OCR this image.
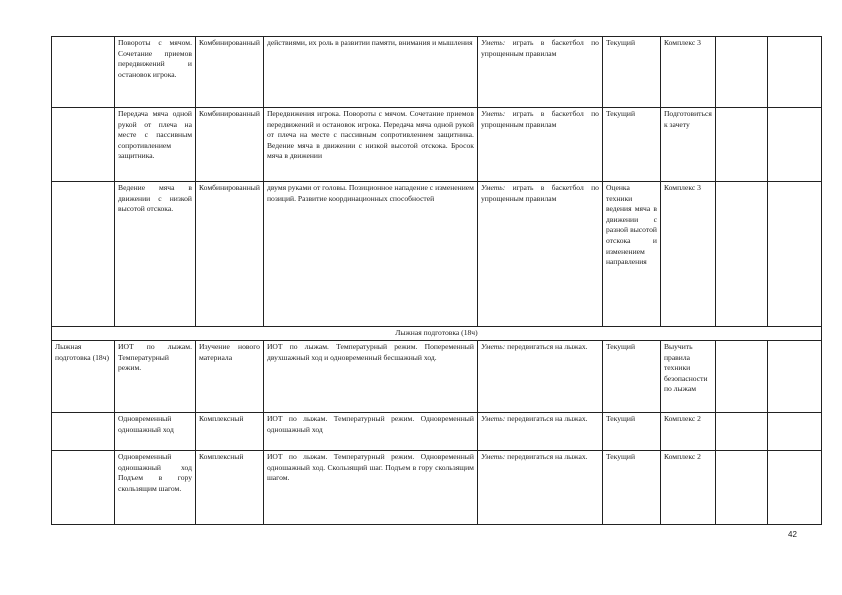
	Повороты с мячом. Сочетание приемов передвижений и остановок игрока.	Комбинированный	действиями, их роль в развитии памяти, внимания и мышления	Уметь: играть в баскетбол по упрощенным правилам	Текущий	Комплекс 3		
	Передача мяча одной рукой от плеча на месте с пассивным сопротивлением защитника.	Комбинированный	Передвижения игрока. Повороты с мячом. Сочетание приемов передвижений и остановок игрока. Передача мяча одной рукой от плеча на месте с пассивным сопротивлением защитника. Ведение мяча в движении с низкой высотой отскока. Бросок мяча в движении	Уметь: играть в баскетбол по упрощенным правилам	Текущий	Подготовиться к зачету		
	Ведение мяча в движении с низкой высотой отскока.	Комбинированный	двумя руками от головы. Позиционное нападение с изменением позиций. Развитие координационных способностей	Уметь: играть в баскетбол по упрощенным правилам	Оценка техники ведения мяча в движении с разной высотой отскока и изменением направления	Комплекс 3		
Лыжная подготовка (18ч)								
Лыжная подготовка (18ч)	ИОТ по лыжам. Температурный режим.	Изучение нового материала	ИОТ по лыжам. Температурный режим. Попеременный двухшажный ход и одновременный бесшажный ход.	Уметь: передвигаться на лыжах.	Текущий	Выучить правила техники безопасности по лыжам		
	Одновременный одношажный ход	Комплексный	ИОТ по лыжам. Температурный режим. Одновременный одношажный ход	Уметь: передвигаться на лыжах.	Текущий	Комплекс 2		
	Одновременный одношажный ход Подъем в гору скользящим шагом.	Комплексный	ИОТ по лыжам. Температурный режим. Одновременный одношажный ход. Скользящий шаг. Подъем в гору скользящим шагом.	Уметь: передвигаться на лыжах.	Текущий	Комплекс 2		
42
